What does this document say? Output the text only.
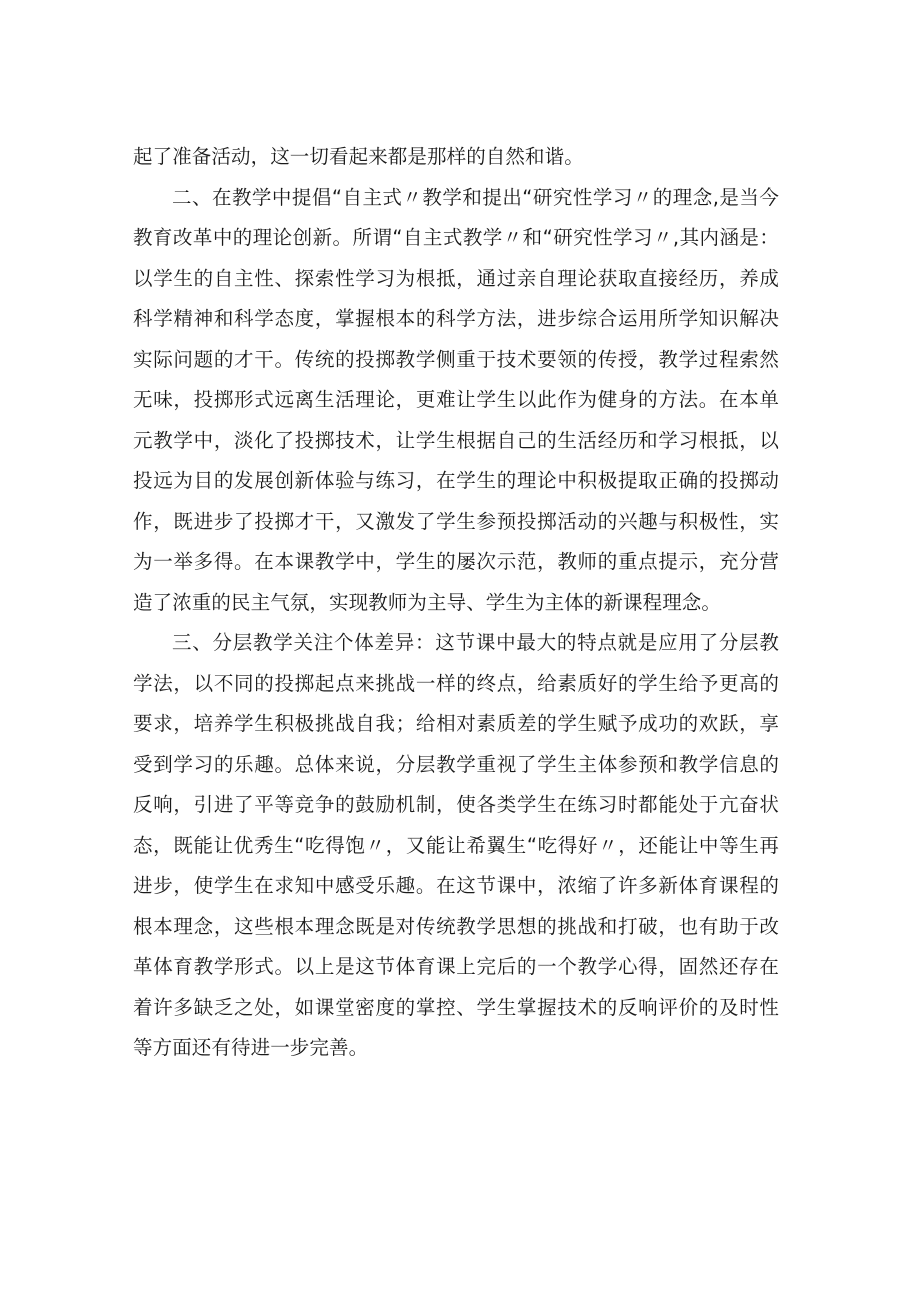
起了准备活动，这一切看起来都是那样的自然和谐。

二、在教学中提倡“自主式〃教学和提出“研究性学习〃的理念,是当今教育改革中的理论创新。所谓“自主式教学〃和“研究性学习〃,其内涵是：以学生的自主性、探索性学习为根抵，通过亲自理论获取直接经历，养成科学精神和科学态度，掌握根本的科学方法，进步综合运用所学知识解决实际问题的才干。传统的投掷教学侧重于技术要领的传授，教学过程索然无味，投掷形式远离生活理论，更难让学生以此作为健身的方法。在本单元教学中，淡化了投掷技术，让学生根据自己的生活经历和学习根抵，以投远为目的发展创新体验与练习，在学生的理论中积极提取正确的投掷动作，既进步了投掷才干，又激发了学生参预投掷活动的兴趣与积极性，实为一举多得。在本课教学中，学生的屡次示范，教师的重点提示，充分营造了浓重的民主气氛，实现教师为主导、学生为主体的新课程理念。

三、分层教学关注个体差异：这节课中最大的特点就是应用了分层教学法，以不同的投掷起点来挑战一样的终点，给素质好的学生给予更高的要求，培养学生积极挑战自我；给相对素质差的学生赋予成功的欢跃，享受到学习的乐趣。总体来说，分层教学重视了学生主体参预和教学信息的反响，引进了平等竞争的鼓励机制，使各类学生在练习时都能处于亢奋状态，既能让优秀生“吃得饱〃，又能让希翼生“吃得好〃，还能让中等生再进步，使学生在求知中感受乐趣。在这节课中，浓缩了许多新体育课程的根本理念，这些根本理念既是对传统教学思想的挑战和打破，也有助于改革体育教学形式。以上是这节体育课上完后的一个教学心得，固然还存在着许多缺乏之处，如课堂密度的掌控、学生掌握技术的反响评价的及时性等方面还有待进一步完善。
